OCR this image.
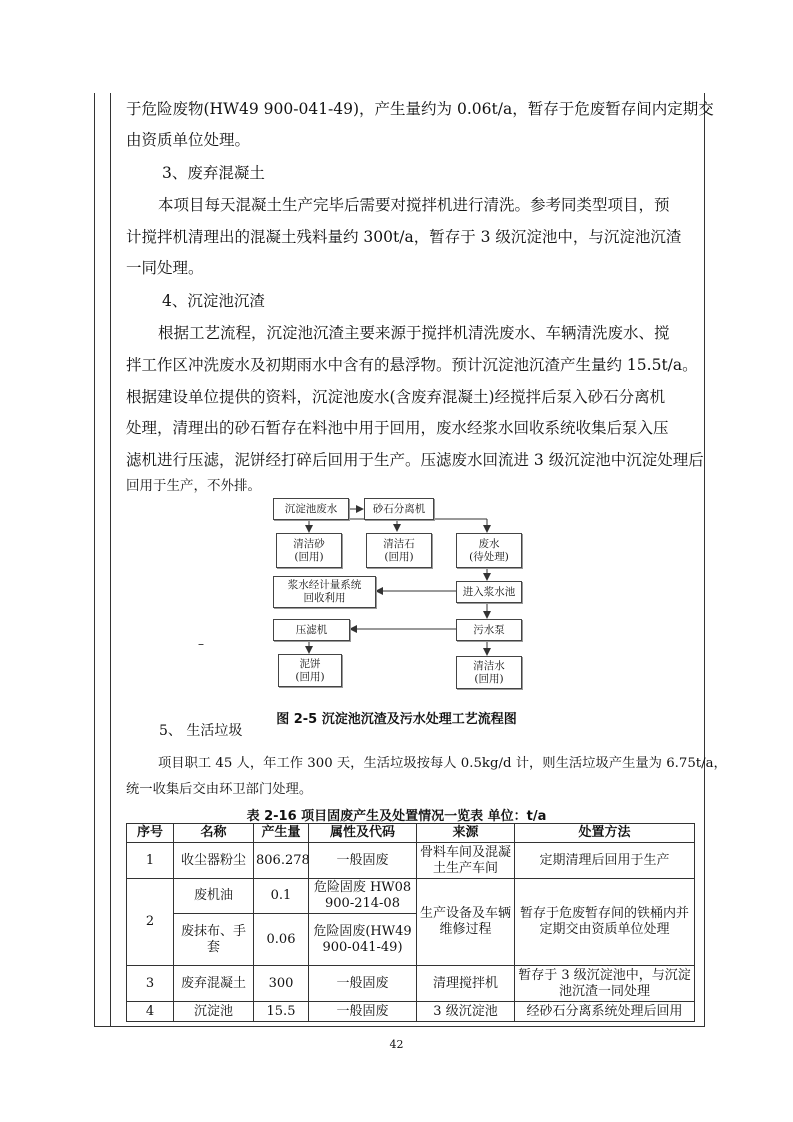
于危险废物(HW49 900-041-49)，产生量约为 0.06t/a，暂存于危废暂存间内定期交
由资质单位处理。
3、废弃混凝土
本项目每天混凝土生产完毕后需要对搅拌机进行清洗。参考同类型项目，预
计搅拌机清理出的混凝土残料量约 300t/a，暂存于 3 级沉淀池中，与沉淀池沉渣
一同处理。
4、沉淀池沉渣
根据工艺流程，沉淀池沉渣主要来源于搅拌机清洗废水、车辆清洗废水、搅
拌工作区冲洗废水及初期雨水中含有的悬浮物。预计沉淀池沉渣产生量约 15.5t/a。
根据建设单位提供的资料，沉淀池废水(含废弃混凝土)经搅拌后泵入砂石分离机
处理，清理出的砂石暂存在料池中用于回用，废水经浆水回收系统收集后泵入压
滤机进行压滤，泥饼经打碎后回用于生产。压滤废水回流进 3 级沉淀池中沉淀处理后
回用于生产，不外排。
沉淀池废水	砂石分离机
清洁砂
(回用)
清洁石
(回用)
废水
(待处理)
浆水经计量系统
回收利用
进入浆水池
压滤机	污水泵
泥饼
(回用)
清洁水
(回用)
–
图 2-5 沉淀池沉渣及污水处理工艺流程图
5、 生活垃圾
项目职工 45 人，年工作 300 天，生活垃圾按每人 0.5kg/d 计，则生活垃圾产生量为 6.75t/a，
统一收集后交由环卫部门处理。
表 2-16 项目固废产生及处置情况一览表 单位：t/a
序号	名称	产生量	属性及代码	来源	处置方法
1	收尘器粉尘	806.278	一般固废	骨料车间及混凝土生产车间	定期清理后回用于生产
2	废机油	0.1	危险固废 HW08 900-214-08	生产设备及车辆维修过程	暂存于危废暂存间的铁桶内并定期交由资质单位处理
	废抹布、手套	0.06	危险固废(HW49 900-041-49)		
3	废弃混凝土	300	一般固废	清理搅拌机	暂存于 3 级沉淀池中，与沉淀池沉渣一同处理
4	沉淀池	15.5	一般固废	3 级沉淀池	经砂石分离系统处理后回用
42
